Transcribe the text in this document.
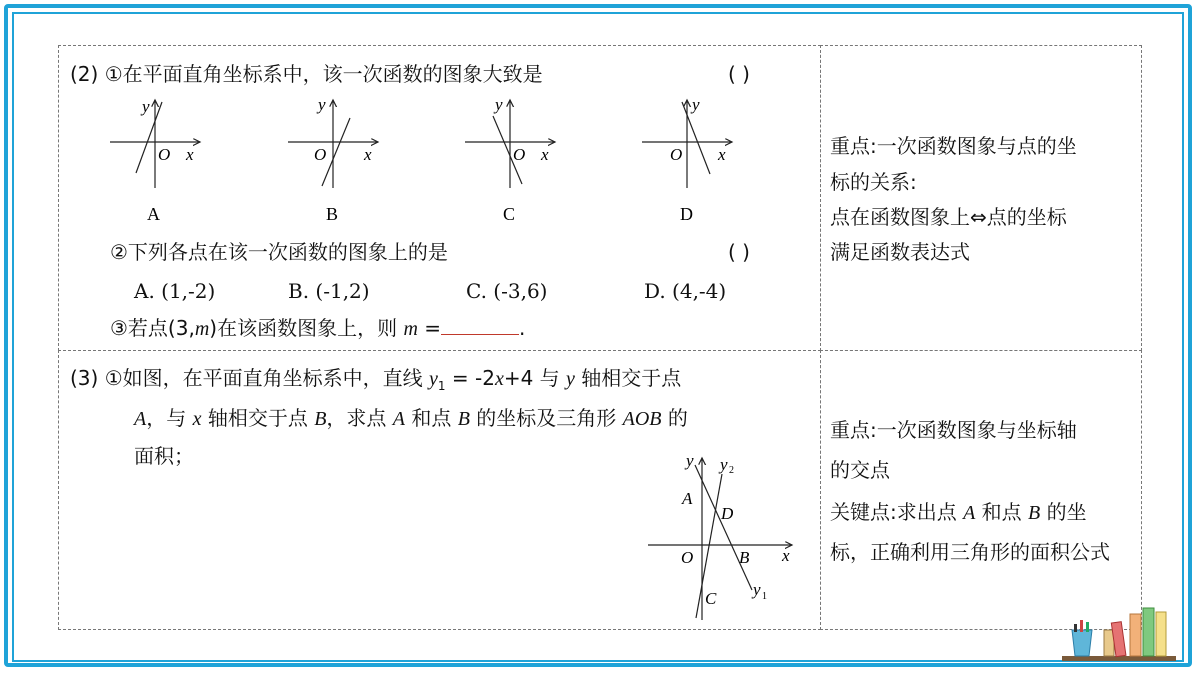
(2) ①在平面直角坐标系中，该一次函数的图象大致是	( )
y
O x
A
y
O x
B
y
O x
C
y
O x
D
②下列各点在该一次函数的图象上的是	( )
A. (1,-2)	B. (-1,2)	C. (-3,6)	D. (4,-4)
③若点(3,m)在该函数图象上，则 m =	.
重点:一次函数图象与点的坐
标的关系:
点在函数图象上⇔点的坐标
满足函数表达式
(3) ①如图，在平面直角坐标系中，直线 $y_1 = -2x+4$ 与 y 轴相交于点
A，与 x 轴相交于点 B，求点 A 和点 B 的坐标及三角形 AOB 的
面积；	y y 2
A
D
O	B x
C y 1
重点:一次函数图象与坐标轴
的交点
关键点:求出点 A 和点 B 的坐
标，正确利用三角形的面积公式
